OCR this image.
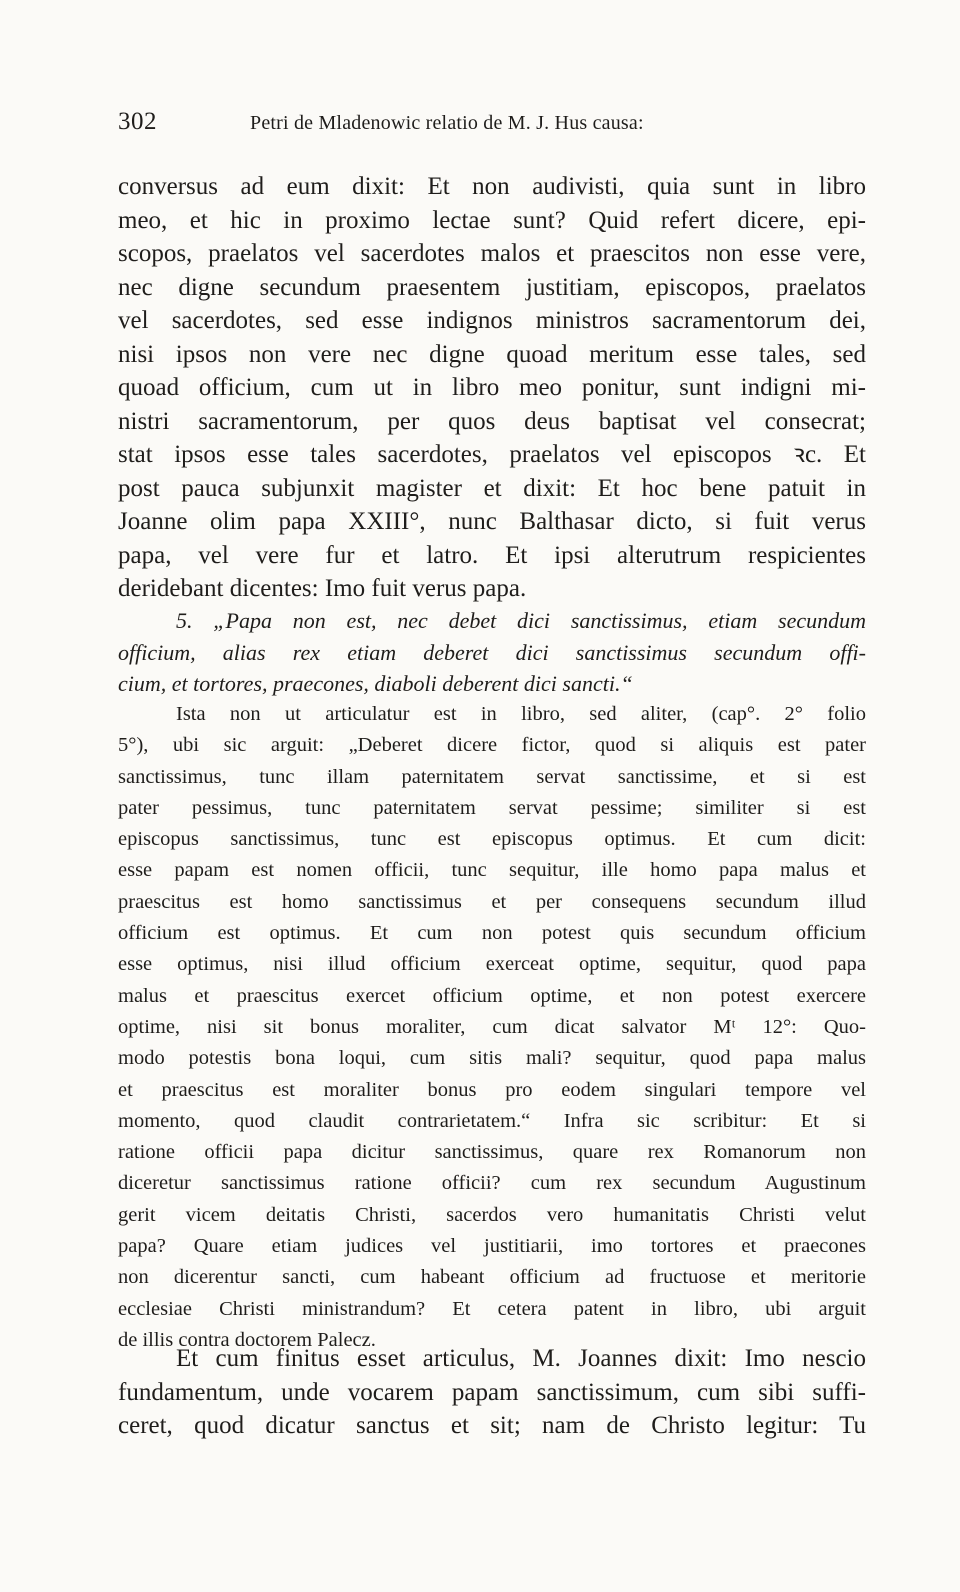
302	Petri de Mladenowic relatio de M. J. Hus causa:
conversus ad eum dixit: Et non audivisti, quia sunt in libro
meo, et hic in proximo lectae sunt? Quid refert dicere, epi-
scopos, praelatos vel sacerdotes malos et praescitos non esse vere,
nec digne secundum praesentem justitiam, episcopos, praelatos
vel sacerdotes, sed esse indignos ministros sacramentorum dei,
nisi ipsos non vere nec digne quoad meritum esse tales, sed
quoad officium, cum ut in libro meo ponitur, sunt indigni mi-
nistri sacramentorum, per quos deus baptisat vel consecrat;
stat ipsos esse tales sacerdotes, praelatos vel episcopos ꝛc. Et
post pauca subjunxit magister et dixit: Et hoc bene patuit in
Joanne olim papa XXIII°, nunc Balthasar dicto, si fuit verus
papa, vel vere fur et latro. Et ipsi alterutrum respicientes
deridebant dicentes: Imo fuit verus papa.
5. „Papa non est, nec debet dici sanctissimus, etiam secundum
officium, alias rex etiam deberet dici sanctissimus secundum offi-
cium, et tortores, praecones, diaboli deberent dici sancti.“
Ista non ut articulatur est in libro, sed aliter, (cap°. 2° folio
5°), ubi sic arguit: „Deberet dicere fictor, quod si aliquis est pater
sanctissimus, tunc illam paternitatem servat sanctissime, et si est
pater pessimus, tunc paternitatem servat pessime; similiter si est
episcopus sanctissimus, tunc est episcopus optimus. Et cum dicit:
esse papam est nomen officii, tunc sequitur, ille homo papa malus et
praescitus est homo sanctissimus et per consequens secundum illud
officium est optimus. Et cum non potest quis secundum officium
esse optimus, nisi illud officium exerceat optime, sequitur, quod papa
malus et praescitus exercet officium optime, et non potest exercere
optime, nisi sit bonus moraliter, cum dicat salvator Mᵗ 12°: Quo-
modo potestis bona loqui, cum sitis mali? sequitur, quod papa malus
et praescitus est moraliter bonus pro eodem singulari tempore vel
momento, quod claudit contrarietatem.“ Infra sic scribitur: Et si
ratione officii papa dicitur sanctissimus, quare rex Romanorum non
diceretur sanctissimus ratione officii? cum rex secundum Augustinum
gerit vicem deitatis Christi, sacerdos vero humanitatis Christi velut
papa? Quare etiam judices vel justitiarii, imo tortores et praecones
non dicerentur sancti, cum habeant officium ad fructuose et meritorie
ecclesiae Christi ministrandum? Et cetera patent in libro, ubi arguit
de illis contra doctorem Palecz.
Et cum finitus esset articulus, M. Joannes dixit: Imo nescio
fundamentum, unde vocarem papam sanctissimum, cum sibi suffi-
ceret, quod dicatur sanctus et sit; nam de Christo legitur: Tu
